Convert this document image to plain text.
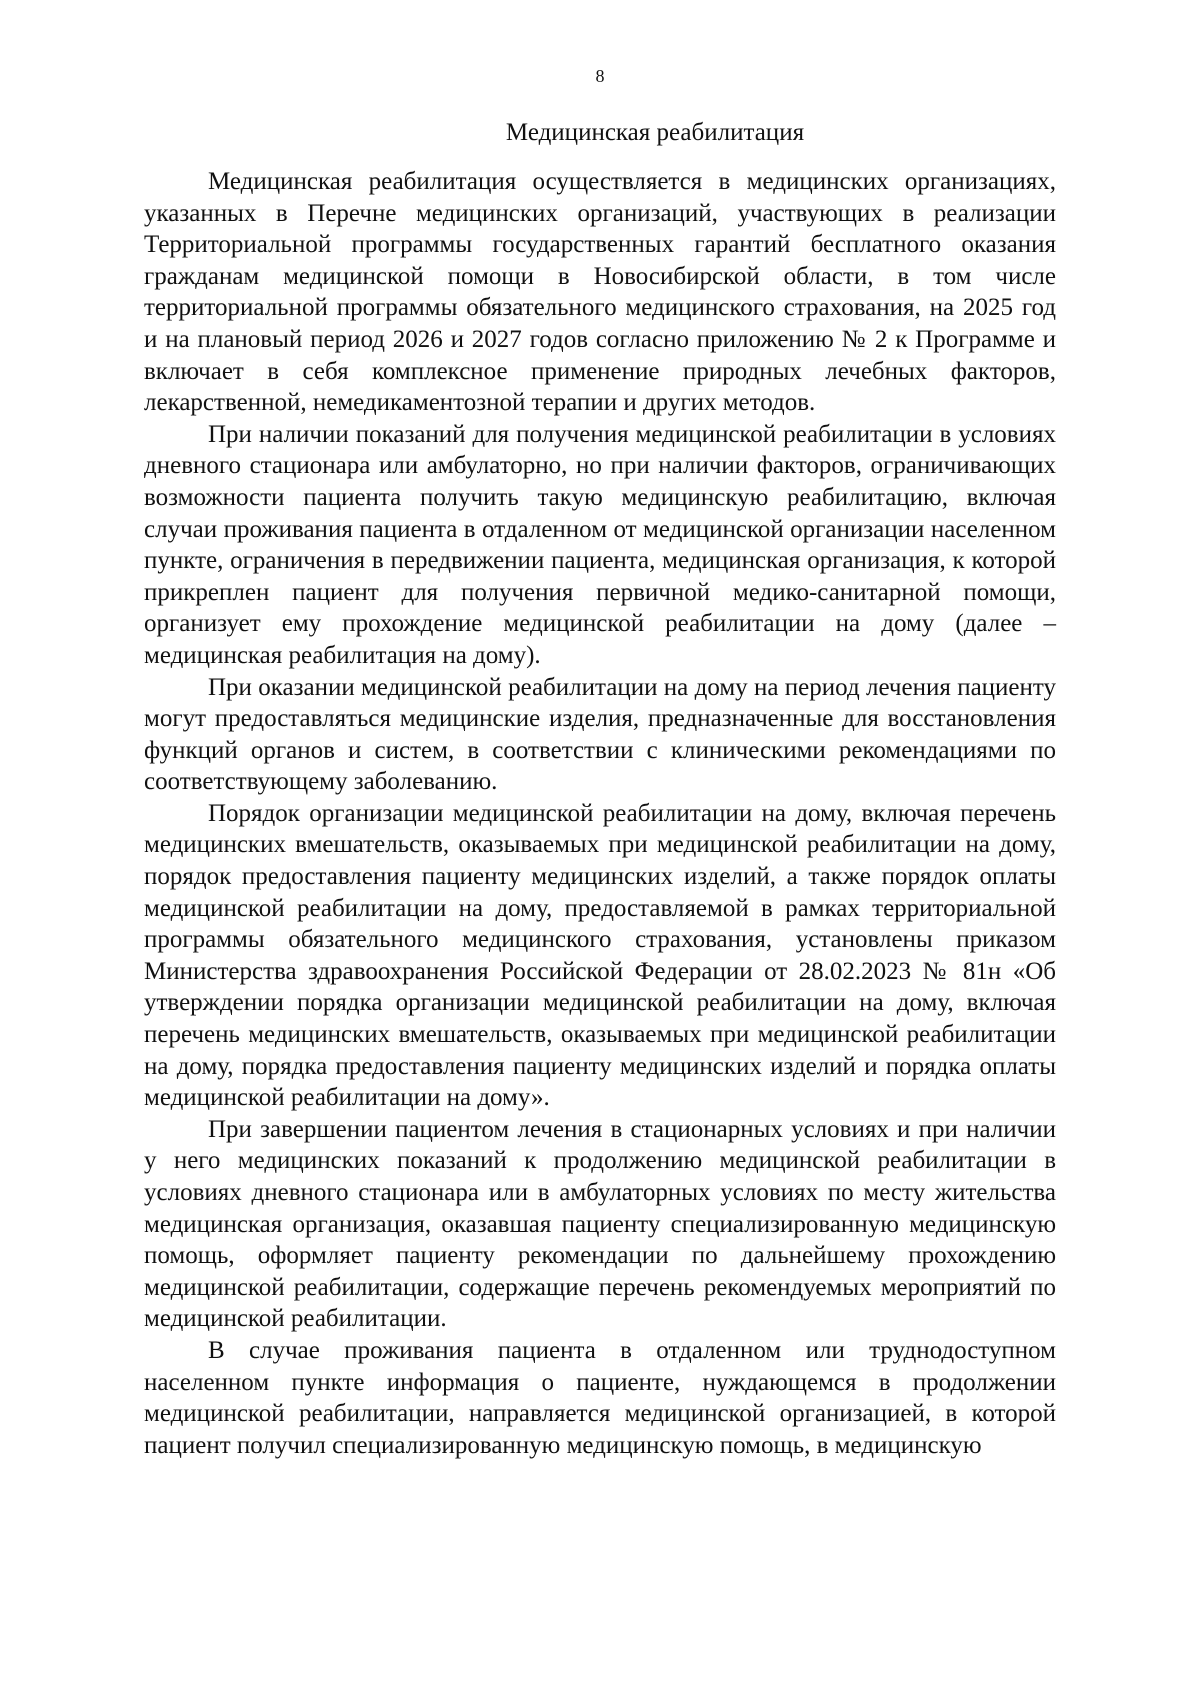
8
Медицинская реабилитация

Медицинская реабилитация осуществляется в медицинских организациях, указанных в Перечне медицинских организаций, участвующих в реализации Территориальной программы государственных гарантий бесплатного оказания гражданам медицинской помощи в Новосибирской области, в том числе территориальной программы обязательного медицинского страхования, на 2025 год и на плановый период 2026 и 2027 годов согласно приложению № 2 к Программе и включает в себя комплексное применение природных лечебных факторов, лекарственной, немедикаментозной терапии и других методов.

При наличии показаний для получения медицинской реабилитации в условиях дневного стационара или амбулаторно, но при наличии факторов, ограничивающих возможности пациента получить такую медицинскую реабилитацию, включая случаи проживания пациента в отдаленном от медицинской организации населенном пункте, ограничения в передвижении пациента, медицинская организация, к которой прикреплен пациент для получения первичной медико-санитарной помощи, организует ему прохождение медицинской реабилитации на дому (далее – медицинская реабилитация на дому).

При оказании медицинской реабилитации на дому на период лечения пациенту могут предоставляться медицинские изделия, предназначенные для восстановления функций органов и систем, в соответствии с клиническими рекомендациями по соответствующему заболеванию.

Порядок организации медицинской реабилитации на дому, включая перечень медицинских вмешательств, оказываемых при медицинской реабилитации на дому, порядок предоставления пациенту медицинских изделий, а также порядок оплаты медицинской реабилитации на дому, предоставляемой в рамках территориальной программы обязательного медицинского страхования, установлены приказом Министерства здравоохранения Российской Федерации от 28.02.2023 № 81н «Об утверждении порядка организации медицинской реабилитации на дому, включая перечень медицинских вмешательств, оказываемых при медицинской реабилитации на дому, порядка предоставления пациенту медицинских изделий и порядка оплаты медицинской реабилитации на дому».

При завершении пациентом лечения в стационарных условиях и при наличии у него медицинских показаний к продолжению медицинской реабилитации в условиях дневного стационара или в амбулаторных условиях по месту жительства медицинская организация, оказавшая пациенту специализированную медицинскую помощь, оформляет пациенту рекомендации по дальнейшему прохождению медицинской реабилитации, содержащие перечень рекомендуемых мероприятий по медицинской реабилитации.

В случае проживания пациента в отдаленном или труднодоступном населенном пункте информация о пациенте, нуждающемся в продолжении медицинской реабилитации, направляется медицинской организацией, в которой пациент получил специализированную медицинскую помощь, в медицинскую
